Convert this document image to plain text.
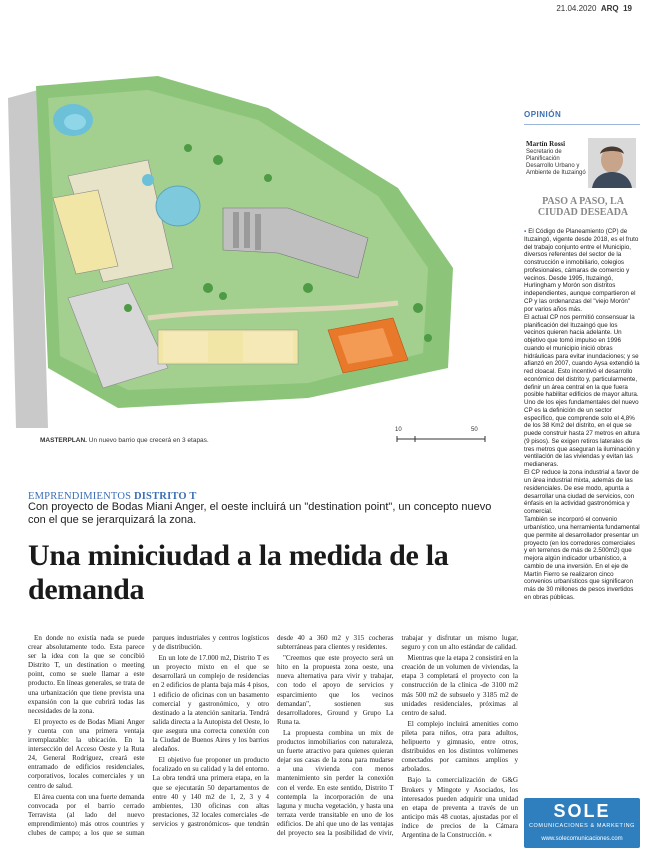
21.04.2020 ARQ 19
10	50
MASTERPLAN. Un nuevo barrio que crecerá en 3 etapas.
EMPRENDIMIENTOS DISTRITO T
Con proyecto de Bodas Miani Anger, el oeste incluirá un "destination point", un concepto nuevo con el que se jerarquizará la zona.
Una miniciudad a la medida de la demanda

En donde no existía nada se puede crear absolutamente todo. Esta parece ser la idea con la que se concibió Distrito T, un destination o meeting point, como se suele llamar a este producto. En líneas generales, se trata de una urbanización que tiene prevista una expansión con la que cubrirá todas las necesidades de la zona.

El proyecto es de Bodas Miani Anger y cuenta con una primera ventaja irremplazable: la ubicación. En la intersección del Acceso Oeste y la Ruta 24, General Rodríguez, creará este entramado de edificios residenciales, corporativos, locales comerciales y un centro de salud.

El área cuenta con una fuerte demanda convocada por el barrio cerrado Terravista (al lado del nuevo emprendimiento) más otros countries y clubes de campo; a los que se suman parques industriales y centros logísticos y de distribución.

En un lote de 17.000 m2, Distrito T es un proyecto mixto en el que se desarrollará un complejo de residencias en 2 edificios de planta baja más 4 pisos, 1 edificio de oficinas con un basamento comercial y gastronómico, y otro destinado a la atención sanitaria. Tendrá salida directa a la Autopista del Oeste, lo que asegura una correcta conexión con la Ciudad de Buenos Aires y los barrios aledaños.

El objetivo fue proponer un producto focalizado en su calidad y la del entorno. La obra tendrá una primera etapa, en la que se ejecutarán 50 departamentos de entre 40 y 140 m2 de 1, 2, 3 y 4 ambientes, 130 oficinas con altas prestaciones, 32 locales comerciales -de servicios y gastronómicos- que tendrán desde 40 a 360 m2 y 315 cocheras subterráneas para clientes y residentes.

"Creemos que este proyecto será un hito en la propuesta zona oeste, una nueva alternativa para vivir y trabajar, con todo el apoyo de servicios y esparcimiento que los vecinos demandan", sostienen sus desarrolladores, Ground y Grupo La Runa ta.

La propuesta combina un mix de productos inmobiliarios con naturaleza, un fuerte atractivo para quienes quieran dejar sus casas de la zona para mudarse a una vivienda con menos mantenimiento sin perder la conexión con el verde. En este sentido, Distrito T contempla la incorporación de una laguna y mucha vegetación, y hasta una terraza verde transitable en uno de los edificios. De ahí que uno de las ventajas del proyecto sea la posibilidad de vivir, trabajar y disfrutar un mismo lugar, seguro y con un alto estándar de calidad.

Mientras que la etapa 2 consistirá en la creación de un volumen de viviendas, la etapa 3 completará el proyecto con la construcción de la clínica -de 3100 m2 más 500 m2 de subsuelo y 3185 m2 de unidades residenciales, próximas al centro de salud.

El complejo incluirá amenities como pileta para niños, otra para adultos, helipuerto y gimnasio, entre otros, distribuidos en los distintos volúmenes conectados por caminos amplios y arbolados.

Bajo la comercialización de G&G Brokers y Mingote y Asociados, los interesados pueden adquirir una unidad en etapa de preventa a través de un anticipo más 48 cuotas, ajustadas por el índice de precios de la Cámara Argentina de la Construcción. «

OPINIÓN
Martín Rossi
Secretario de Planificación Desarrollo Urbano y Ambiente de Ituzaingó
PASO A PASO, LA CIUDAD DESEADA

▪ El Código de Planeamiento (CP) de Ituzaingó, vigente desde 2018, es el fruto del trabajo conjunto entre el Municipio, diversos referentes del sector de la construcción e inmobiliario, colegios profesionales, cámaras de comercio y vecinos. Desde 1995, Ituzaingó, Hurlingham y Morón son distritos independientes, aunque compartieron el CP y las ordenanzas del "viejo Morón" por varios años más.

El actual CP nos permitió consensuar la planificación del Ituzaingó que los vecinos quieren hacia adelante. Un objetivo que tomó impulso en 1996 cuando el municipio inició obras hidráulicas para evitar inundaciones; y se afianzó en 2007, cuando Aysa extendió la red cloacal. Esto incentivó el desarrollo económico del distrito y, particularmente, definir un área central en la que fuera posible habilitar edificios de mayor altura. Uno de los ejes fundamentales del nuevo CP es la definición de un sector específico, que comprende solo el 4,8% de los 38 Km2 del distrito, en el que se puede construir hasta 27 metros en altura (9 pisos). Se exigen retiros laterales de tres metros que aseguran la iluminación y ventilación de las viviendas y evitan las medianeras.

El CP reduce la zona industrial a favor de un área industrial mixta, además de las residenciales. De ese modo, apunta a desarrollar una ciudad de servicios, con énfasis en la actividad gastronómica y comercial.

También se incorporó el convenio urbanístico, una herramienta fundamental que permite al desarrollador presentar un proyecto (en los corredores comerciales y en terrenos de más de 2.500m2) que mejora algún indicador urbanístico, a cambio de una inversión. En el eje de Martín Fierro se realizaron cinco convenios urbanísticos que significaron más de 30 millones de pesos invertidos en obras públicas.

SOLE
COMUNICACIONES & MARKETING
www.solecomunicaciones.com
